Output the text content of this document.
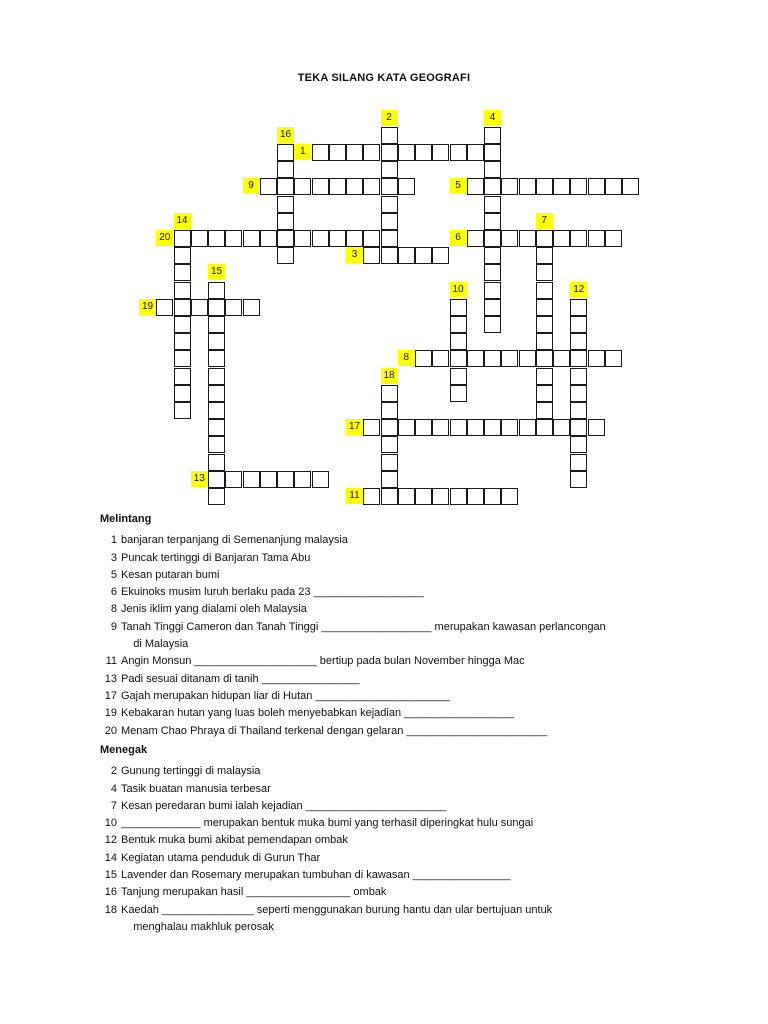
TEKA SILANG KATA GEOGRAFI
1
2	4
16
9	5
14	7
20	6
3
15
10	12
19
8
18
17
13
11
Melintang
1 banjaran terpanjang di Semenanjung malaysia
3 Puncak tertinggi di Banjaran Tama Abu
5 Kesan putaran bumi
6 Ekuinoks musim luruh berlaku pada 23 __________________
8 Jenis iklim yang dialami oleh Malaysia
9 Tanah Tinggi Cameron dan Tanah Tinggi __________________ merupakan kawasan perlancongan
di Malaysia
11 Angin Monsun ____________________ bertiup pada bulan November hingga Mac
13 Padi sesuai ditanam di tanih ________________
17 Gajah merupakan hidupan liar di Hutan ______________________
19 Kebakaran hutan yang luas boleh menyebabkan kejadian __________________
20 Menam Chao Phraya di Thailand terkenal dengan gelaran _______________________
Menegak
2 Gunung tertinggi di malaysia
4 Tasik buatan manusia terbesar
7 Kesan peredaran bumi ialah kejadian _______________________
10 _____________ merupakan bentuk muka bumi yang terhasil diperingkat hulu sungai
12 Bentuk muka bumi akibat pemendapan ombak
14 Kegiatan utama penduduk di Gurun Thar
15 Lavender dan Rosemary merupakan tumbuhan di kawasan ________________
16 Tanjung merupakan hasil _________________ ombak
18 Kaedah _______________ seperti menggunakan burung hantu dan ular bertujuan untuk
menghalau makhluk perosak
